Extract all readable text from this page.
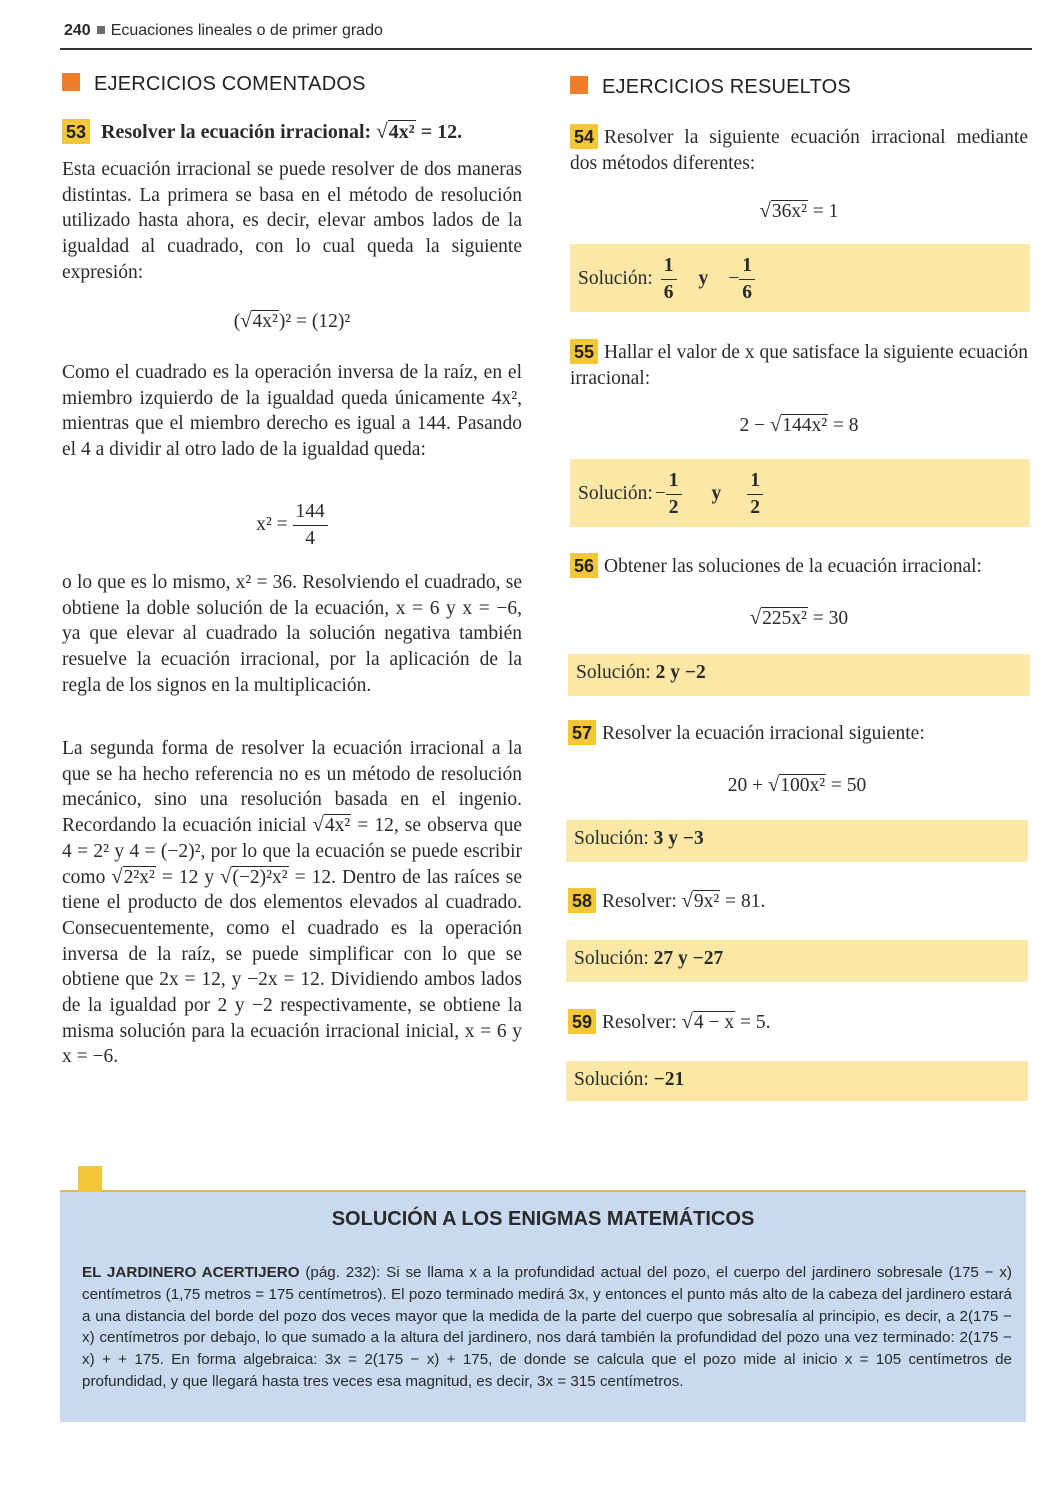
240 Ecuaciones lineales o de primer grado
EJERCICIOS COMENTADOS
53 Resolver la ecuación irracional: √4x² = 12.

Esta ecuación irracional se puede resolver de dos maneras distintas. La primera se basa en el método de resolución utilizado hasta ahora, es decir, elevar ambos lados de la igualdad al cuadrado, con lo cual queda la siguiente expresión:

(√4x²)² = (12)²

Como el cuadrado es la operación inversa de la raíz, en el miembro izquierdo de la igualdad queda únicamente 4x², mientras que el miembro derecho es igual a 144. Pasando el 4 a dividir al otro lado de la igualdad queda:

$x^2 = \frac{144}{4}$

o lo que es lo mismo, x² = 36. Resolviendo el cuadrado, se obtiene la doble solución de la ecuación, x = 6 y x = −6, ya que elevar al cuadrado la solución negativa también resuelve la ecuación irracional, por la aplicación de la regla de los signos en la multiplicación.

La segunda forma de resolver la ecuación irracional a la que se ha hecho referencia no es un método de resolución mecánico, sino una resolución basada en el ingenio. Recordando la ecuación inicial √4x² = 12, se observa que 4 = 2² y 4 = (−2)², por lo que la ecuación se puede escribir como √2²x² = 12 y √(−2)²x² = 12. Dentro de las raíces se tiene el producto de dos elementos elevados al cuadrado. Consecuentemente, como el cuadrado es la operación inversa de la raíz, se puede simplificar con lo que se obtiene que 2x = 12, y −2x = 12. Dividiendo ambos lados de la igualdad por 2 y −2 respectivamente, se obtiene la misma solución para la ecuación irracional inicial, x = 6 y x = −6.

EJERCICIOS RESUELTOS

54 Resolver la siguiente ecuación irracional mediante dos métodos diferentes:

√36x² = 1
Solución: $\frac{1}{6}$ $y - \frac{1}{6}$

55 Hallar el valor de x que satisface la siguiente ecuación irracional:

2 − √144x² = 8
Solución: − $\frac{1}{2}$ y $\frac{1}{2}$

56 Obtener las soluciones de la ecuación irracional:

√225x² = 30
Solución: 2 y −2

57 Resolver la ecuación irracional siguiente:

20 + √100x² = 50
Solución: 3 y −3

58 Resolver: √9x² = 81.

Solución: 27 y −27

59 Resolver: √4 − x = 5.

Solución: −21
SOLUCIÓN A LOS ENIGMAS MATEMÁTICOS
EL JARDINERO ACERTIJERO (pág. 232): Si se llama x a la profundidad actual del pozo, el cuerpo del jardinero sobresale (175 − x) centímetros (1,75 metros = 175 centímetros). El pozo terminado medirá 3x, y entonces el punto más alto de la cabeza del jardinero estará a una distancia del borde del pozo dos veces mayor que la medida de la parte del cuerpo que sobresalía al principio, es decir, a 2(175 − x) centímetros por debajo, lo que sumado a la altura del jardinero, nos dará también la profundidad del pozo una vez terminado: 2(175 − x) + + 175. En forma algebraica: 3x = 2(175 − x) + 175, de donde se calcula que el pozo mide al inicio x = 105 centímetros de profundidad, y que llegará hasta tres veces esa magnitud, es decir, 3x = 315 centímetros.
